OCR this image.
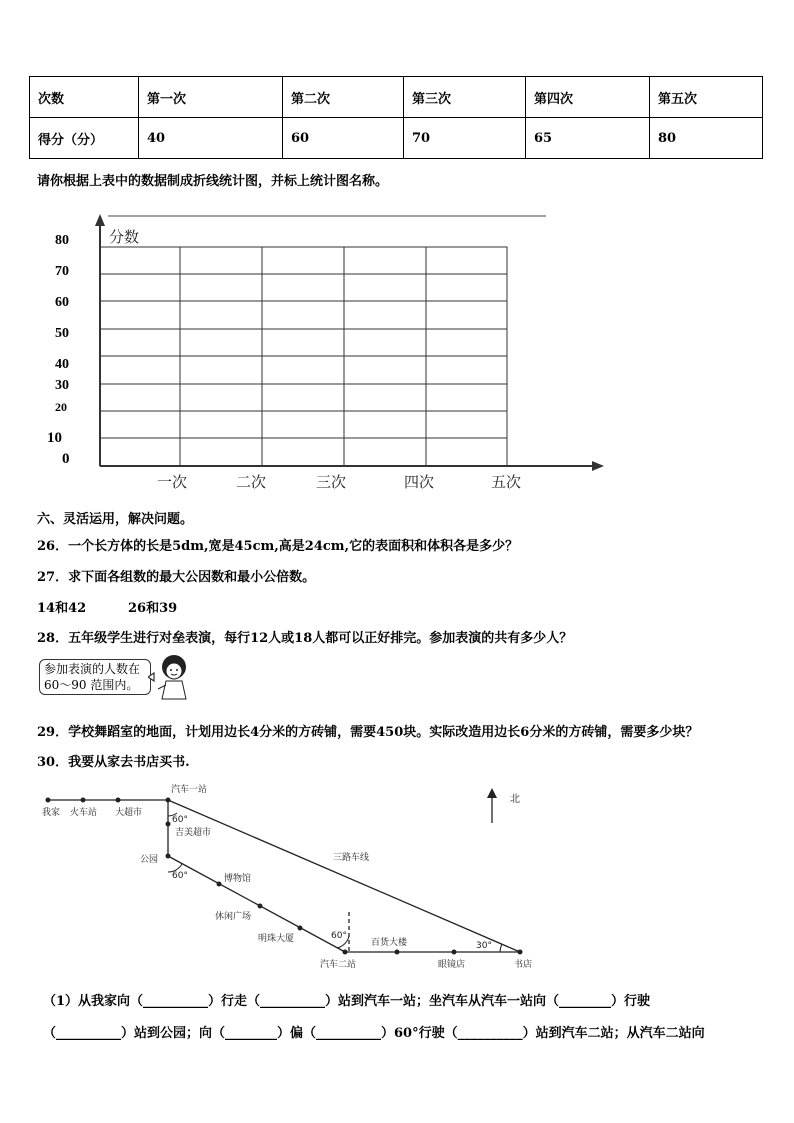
次数	第一次	第二次	第三次	第四次	第五次
得分（分）	40	60	70	65	80
请你根据上表中的数据制成折线统计图，并标上统计图名称。
分数
80
70
60
50
40
30
20
10
0
一次	二次	三次	四次	五次
六、灵活运用，解决问题。
26．一个长方体的长是5dm,宽是45cm,高是24cm,它的表面积和体积各是多少？
27．求下面各组数的最大公因数和最小公倍数。
14和42	26和39
28．五年级学生进行对垒表演，每行12人或18人都可以正好排完。参加表演的共有多少人？
参加表演的人数在
60～90 范围内。
29．学校舞蹈室的地面，计划用边长4分米的方砖铺，需要450块。实际改造用边长6分米的方砖铺，需要多少块？
30．我要从家去书店买书.
我家 火车站 大超市
汽车一站
60°
吉美超市
公园
60°	博物馆
休闲广场
明珠大厦	60°
汽车二站
百货大楼
眼镜店	书店
30°
三路车线
北
（1）从我家向（__________）行走（__________）站到汽车一站；坐汽车从汽车一站向（________）行驶
（__________）站到公园；向（________）偏（__________）60°行驶（__________）站到汽车二站；从汽车二站向
